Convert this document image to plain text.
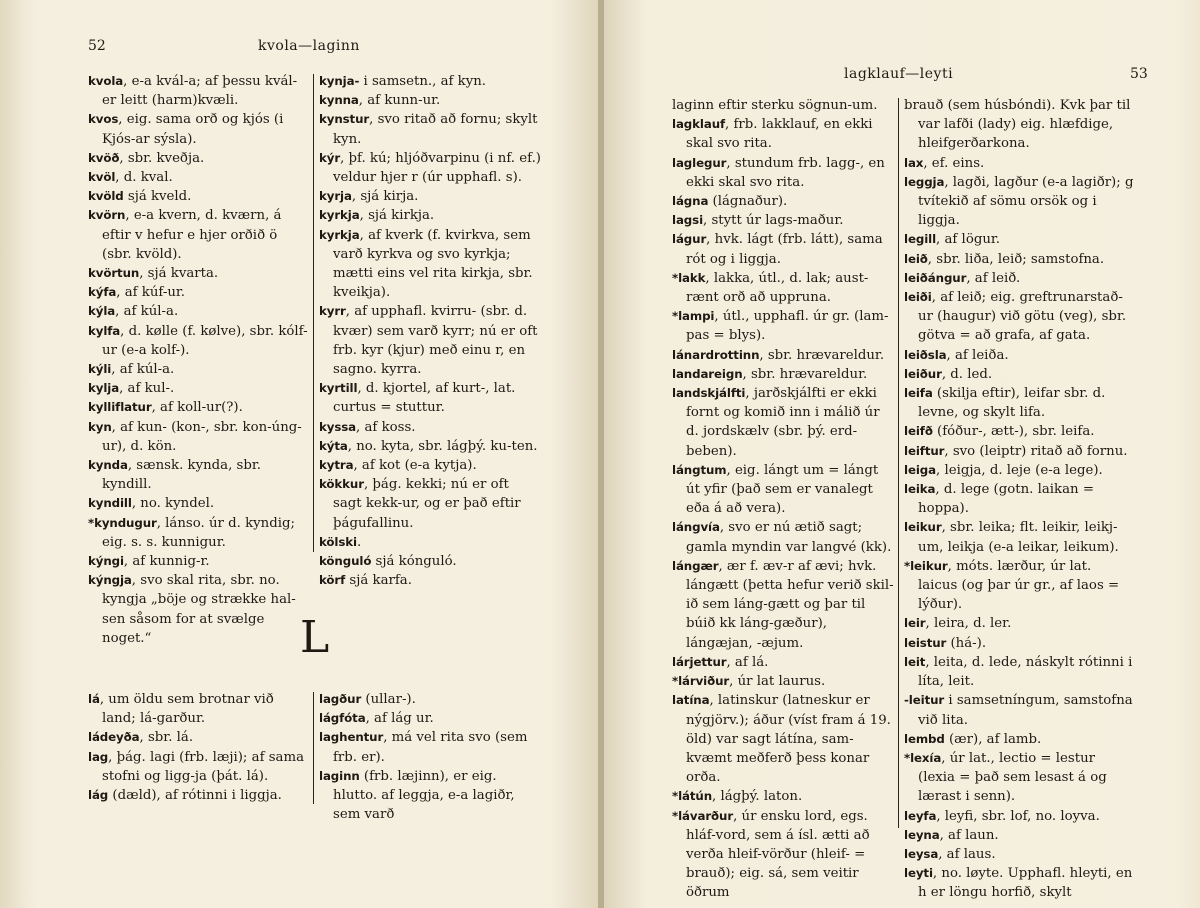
52	kvola—laginn

kvola, e-a kvál-a; af þessu kvál-er leitt (harm)kvæli.

kvos, eig. sama orð og kjós (i Kjós-ar sýsla).

kvöð, sbr. kveðja.

kvöl, d. kval.

kvöld sjá kveld.

kvörn, e-a kvern, d. kværn, á eftir v hefur e hjer orðið ö (sbr. kvöld).

kvörtun, sjá kvarta.

kýfa, af kúf-ur.

kýla, af kúl-a.

kylfa, d. kølle (f. kølve), sbr. kólf-ur (e-a kolf-).

kýli, af kúl-a.

kylja, af kul-.

kylliflatur, af koll-ur(?).

kyn, af kun- (kon-, sbr. kon-úng-ur), d. kön.

kynda, sænsk. kynda, sbr. kyndill.

kyndill, no. kyndel.

*kyndugur, lánso. úr d. kyndig; eig. s. s. kunnigur.

kýngi, af kunnig-r.

kýngja, svo skal rita, sbr. no. kyngja „böje og strække hal-sen såsom for at svælge noget.“

kynja- i samsetn., af kyn.

kynna, af kunn-ur.

kynstur, svo ritað að fornu; skylt kyn.

kýr, þf. kú; hljóðvarpinu (i nf. ef.) veldur hjer r (úr upphafl. s).

kyrja, sjá kirja.

kyrkja, sjá kirkja.

kyrkja, af kverk (f. kvirkva, sem varð kyrkva og svo kyrkja; mætti eins vel rita kirkja, sbr. kveikja).

kyrr, af upphafl. kvirru- (sbr. d. kvær) sem varð kyrr; nú er oft frb. kyr (kjur) með einu r, en sagno. kyrra.

kyrtill, d. kjortel, af kurt-, lat. curtus = stuttur.

kyssa, af koss.

kýta, no. kyta, sbr. lágþý. ku-ten.

kytra, af kot (e-a kytja).

kökkur, þág. kekki; nú er oft sagt kekk-ur, og er það eftir þágufallinu.

kölski.

könguló sjá kónguló.

körf sjá karfa.

L

lá, um öldu sem brotnar við land; lá-garður.

ládeyða, sbr. lá.

lag, þág. lagi (frb. læji); af sama stofni og ligg-ja (þát. lá).

lág (dæld), af rótinni i liggja.

lagður (ullar-).

lágfóta, af lág ur.

laghentur, má vel rita svo (sem frb. er).

laginn (frb. læjinn), er eig. hlutto. af leggja, e-a lagiðr, sem varð

lagklauf—leyti	53

laginn eftir sterku sögnun-um.

lagklauf, frb. lakklauf, en ekki skal svo rita.

laglegur, stundum frb. lagg-, en ekki skal svo rita.

lágna (lágnaður).

lagsi, stytt úr lags-maður.

lágur, hvk. lágt (frb. látt), sama rót og i liggja.

*lakk, lakka, útl., d. lak; aust-rænt orð að uppruna.

*lampi, útl., upphafl. úr gr. (lam-pas = blys).

lánardrottinn, sbr. hrævareldur.

landareign, sbr. hrævareldur.

landskjálfti, jarðskjálfti er ekki fornt og komið inn i málið úr d. jordskælv (sbr. þý. erd-beben).

lángtum, eig. lángt um = lángt út yfir (það sem er vanalegt eða á að vera).

lángvía, svo er nú ætið sagt; gamla myndin var langvé (kk).

lángær, ær f. æv-r af ævi; hvk. lángætt (þetta hefur verið skil-ið sem láng-gætt og þar til búið kk láng-gæður), lángæjan, -æjum.

lárjettur, af lá.

*lárviður, úr lat laurus.

latína, latinskur (latneskur er nýgjörv.); áður (víst fram á 19. öld) var sagt látína, sam-kvæmt meðferð þess konar orða.

*látún, lágþý. laton.

*lávarður, úr ensku lord, egs. hláf-vord, sem á ísl. ætti að verða hleif-vörður (hleif- = brauð); eig. sá, sem veitir öðrum

brauð (sem húsbóndi). Kvk þar til var lafði (lady) eig. hlæfdige, hleifgerðarkona.

lax, ef. eins.

leggja, lagði, lagður (e-a lagiðr); g tvítekið af sömu orsök og i liggja.

legill, af lögur.

leið, sbr. liða, leið; samstofna.

leiðángur, af leið.

leiði, af leið; eig. greftrunarstað-ur (haugur) við götu (veg), sbr. götva = að grafa, af gata.

leiðsla, af leiða.

leiður, d. led.

leifa (skilja eftir), leifar sbr. d. levne, og skylt lifa.

leifð (fóður-, ætt-), sbr. leifa.

leiftur, svo (leiptr) ritað að fornu.

leiga, leigja, d. leje (e-a lege).

leika, d. lege (gotn. laikan = hoppa).

leikur, sbr. leika; flt. leikir, leikj-um, leikja (e-a leikar, leikum).

*leikur, móts. lærður, úr lat. laicus (og þar úr gr., af laos = lýður).

leir, leira, d. ler.

leistur (há-).

leit, leita, d. lede, náskylt rótinni i líta, leit.

-leitur i samsetníngum, samstofna við lita.

lembd (ær), af lamb.

*lexía, úr lat., lectio = lestur (lexia = það sem lesast á og lærast i senn).

leyfa, leyfi, sbr. lof, no. loyva.

leyna, af laun.

leysa, af laus.

leyti, no. løyte. Upphafl. hleyti, en h er löngu horfið, skylt
